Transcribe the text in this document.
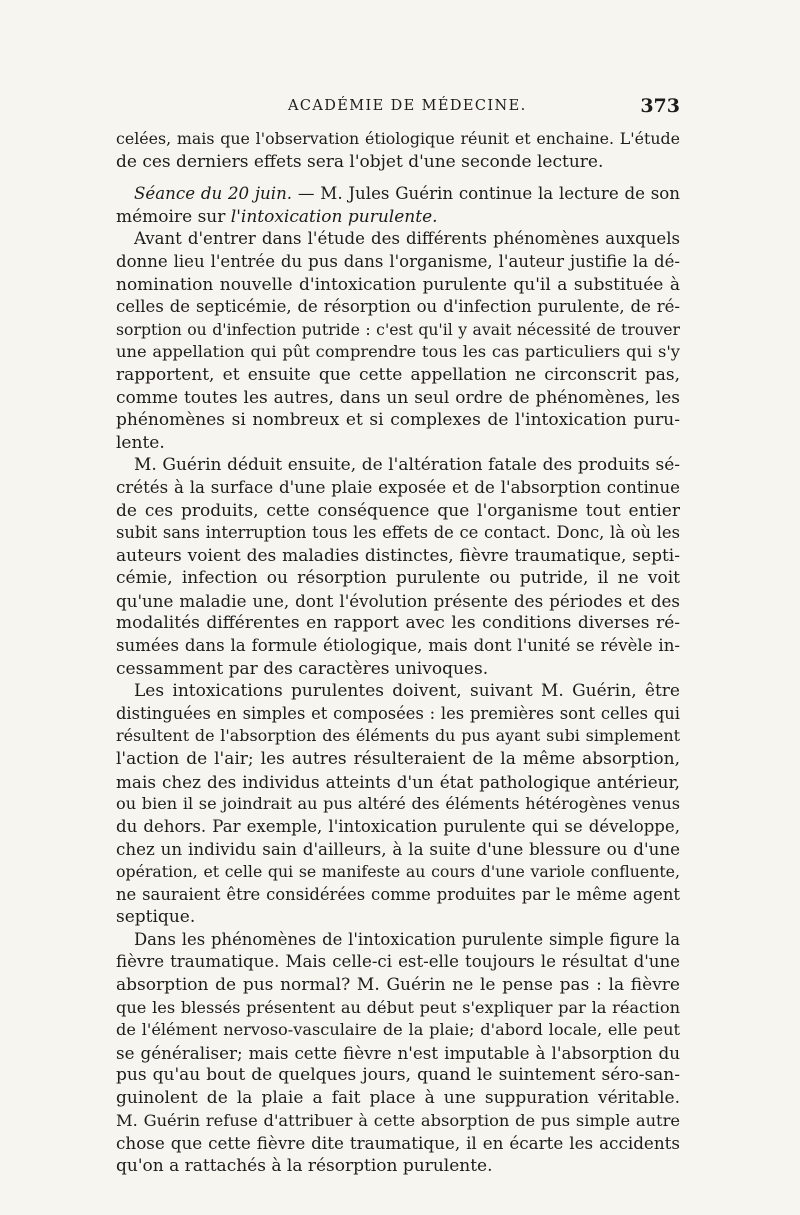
ACADÉMIE DE MÉDECINE.	373
celées, mais que l'observation étiologique réunit et enchaine. L'étude
de ces derniers effets sera l'objet d'une seconde lecture.
Séance du 20 juin. — M. Jules Guérin continue la lecture de son
mémoire sur l'intoxication purulente.
Avant d'entrer dans l'étude des différents phénomènes auxquels
donne lieu l'entrée du pus dans l'organisme, l'auteur justifie la dé-
nomination nouvelle d'intoxication purulente qu'il a substituée à
celles de septicémie, de résorption ou d'infection purulente, de ré-
sorption ou d'infection putride : c'est qu'il y avait nécessité de trouver
une appellation qui pût comprendre tous les cas particuliers qui s'y
rapportent, et ensuite que cette appellation ne circonscrit pas,
comme toutes les autres, dans un seul ordre de phénomènes, les
phénomènes si nombreux et si complexes de l'intoxication puru-
lente.
M. Guérin déduit ensuite, de l'altération fatale des produits sé-
crétés à la surface d'une plaie exposée et de l'absorption continue
de ces produits, cette conséquence que l'organisme tout entier
subit sans interruption tous les effets de ce contact. Donc, là où les
auteurs voient des maladies distinctes, fièvre traumatique, septi-
cémie, infection ou résorption purulente ou putride, il ne voit
qu'une maladie une, dont l'évolution présente des périodes et des
modalités différentes en rapport avec les conditions diverses ré-
sumées dans la formule étiologique, mais dont l'unité se révèle in-
cessamment par des caractères univoques.
Les intoxications purulentes doivent, suivant M. Guérin, être
distinguées en simples et composées : les premières sont celles qui
résultent de l'absorption des éléments du pus ayant subi simplement
l'action de l'air; les autres résulteraient de la même absorption,
mais chez des individus atteints d'un état pathologique antérieur,
ou bien il se joindrait au pus altéré des éléments hétérogènes venus
du dehors. Par exemple, l'intoxication purulente qui se développe,
chez un individu sain d'ailleurs, à la suite d'une blessure ou d'une
opération, et celle qui se manifeste au cours d'une variole confluente,
ne sauraient être considérées comme produites par le même agent
septique.
Dans les phénomènes de l'intoxication purulente simple figure la
fièvre traumatique. Mais celle-ci est-elle toujours le résultat d'une
absorption de pus normal? M. Guérin ne le pense pas : la fièvre
que les blessés présentent au début peut s'expliquer par la réaction
de l'élément nervoso-vasculaire de la plaie; d'abord locale, elle peut
se généraliser; mais cette fièvre n'est imputable à l'absorption du
pus qu'au bout de quelques jours, quand le suintement séro-san-
guinolent de la plaie a fait place à une suppuration véritable.
M. Guérin refuse d'attribuer à cette absorption de pus simple autre
chose que cette fièvre dite traumatique, il en écarte les accidents
qu'on a rattachés à la résorption purulente.
